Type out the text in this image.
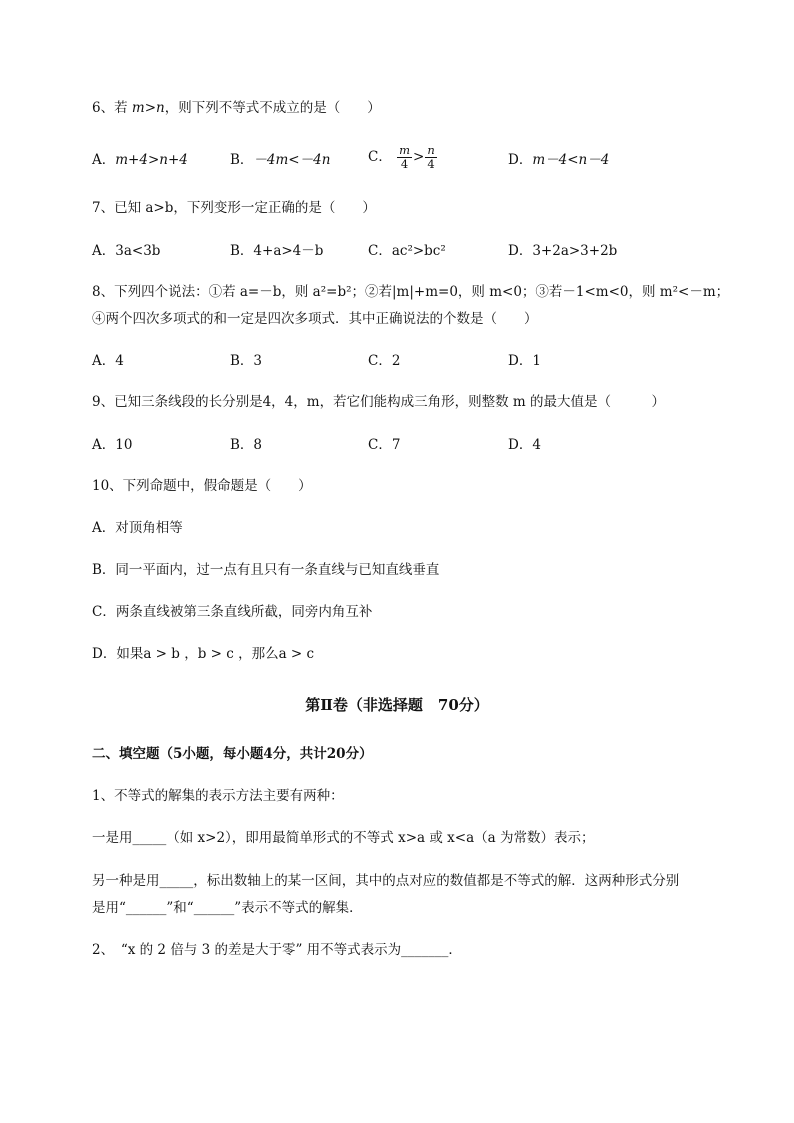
6、若 m>n，则下列不等式不成立的是（　　）
A．m+4>n+4	B．－4m<－4n	C． $\frac{m}{4} > \frac{n}{4}$	D．m－4<n－4
7、已知 a>b，下列变形一定正确的是（　　）
A．3a<3b	B．4+a>4－b	C．ac²>bc²	D．3+2a>3+2b
8、下列四个说法：①若 a=－b，则 a²=b²；②若|m|+m=0，则 m<0；③若－1<m<0，则 m²<－m；
④两个四次多项式的和一定是四次多项式．其中正确说法的个数是（　　）
A．4	B．3	C．2	D．1
9、已知三条线段的长分别是4，4，m，若它们能构成三角形，则整数 m 的最大值是（　　　）
A．10	B．8	C．7	D．4
10、下列命题中，假命题是（　　）
A．对顶角相等
B．同一平面内，过一点有且只有一条直线与已知直线垂直
C．两条直线被第三条直线所截，同旁内角互补
D．如果a > b ，b > c ，那么a > c
第Ⅱ卷（非选择题　70分）
二、填空题（5小题，每小题4分，共计20分）
1、不等式的解集的表示方法主要有两种：
一是用_____（如 x>2），即用最简单形式的不等式 x>a 或 x<a（a 为常数）表示；
另一种是用_____，标出数轴上的某一区间，其中的点对应的数值都是不等式的解．这两种形式分别
是用“______”和“______”表示不等式的解集．
2、　“x 的 2 倍与 3 的差是大于零” 用不等式表示为_______．
